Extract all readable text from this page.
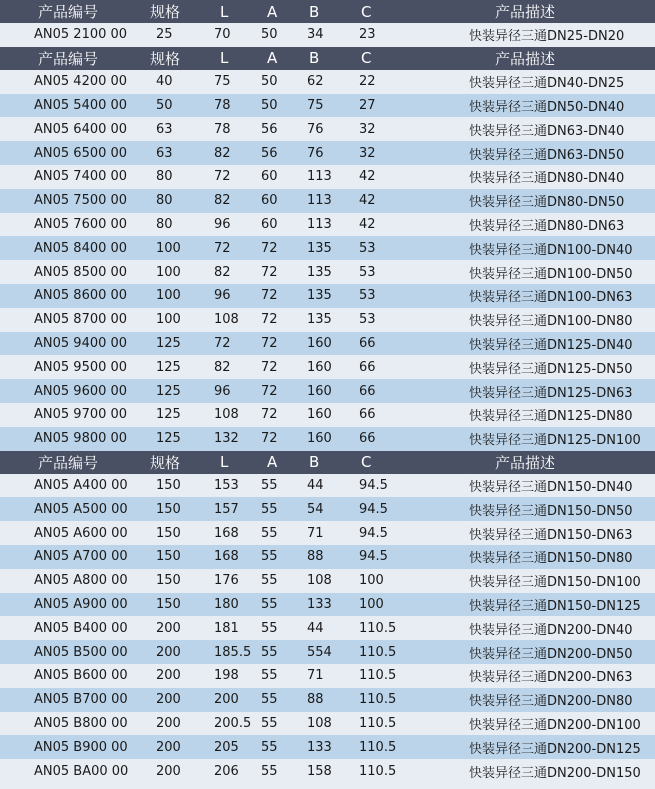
产品编号	规格	L	A	B	C	产品描述
AN05 2100 00	25	70	50	34	23	快装异径三通DN25-DN20
产品编号	规格	L	A	B	C	产品描述
AN05 4200 00	40	75	50	62	22	快装异径三通DN40-DN25
AN05 5400 00	50	78	50	75	27	快装异径三通DN50-DN40
AN05 6400 00	63	78	56	76	32	快装异径三通DN63-DN40
AN05 6500 00	63	82	56	76	32	快装异径三通DN63-DN50
AN05 7400 00	80	72	60	113	42	快装异径三通DN80-DN40
AN05 7500 00	80	82	60	113	42	快装异径三通DN80-DN50
AN05 7600 00	80	96	60	113	42	快装异径三通DN80-DN63
AN05 8400 00	100	72	72	135	53	快装异径三通DN100-DN40
AN05 8500 00	100	82	72	135	53	快装异径三通DN100-DN50
AN05 8600 00	100	96	72	135	53	快装异径三通DN100-DN63
AN05 8700 00	100	108	72	135	53	快装异径三通DN100-DN80
AN05 9400 00	125	72	72	160	66	快装异径三通DN125-DN40
AN05 9500 00	125	82	72	160	66	快装异径三通DN125-DN50
AN05 9600 00	125	96	72	160	66	快装异径三通DN125-DN63
AN05 9700 00	125	108	72	160	66	快装异径三通DN125-DN80
AN05 9800 00	125	132	72	160	66	快装异径三通DN125-DN100
产品编号	规格	L	A	B	C	产品描述
AN05 A400 00	150	153	55	44	94.5	快装异径三通DN150-DN40
AN05 A500 00	150	157	55	54	94.5	快装异径三通DN150-DN50
AN05 A600 00	150	168	55	71	94.5	快装异径三通DN150-DN63
AN05 A700 00	150	168	55	88	94.5	快装异径三通DN150-DN80
AN05 A800 00	150	176	55	108	100	快装异径三通DN150-DN100
AN05 A900 00	150	180	55	133	100	快装异径三通DN150-DN125
AN05 B400 00	200	181	55	44	110.5	快装异径三通DN200-DN40
AN05 B500 00	200	185.5 55	554	110.5	快装异径三通DN200-DN50
AN05 B600 00	200	198	55	71	110.5	快装异径三通DN200-DN63
AN05 B700 00	200	200	55	88	110.5	快装异径三通DN200-DN80
AN05 B800 00	200	200.5 55	108	110.5	快装异径三通DN200-DN100
AN05 B900 00	200	205	55	133	110.5	快装异径三通DN200-DN125
AN05 BA00 00	200	206	55	158	110.5	快装异径三通DN200-DN150
